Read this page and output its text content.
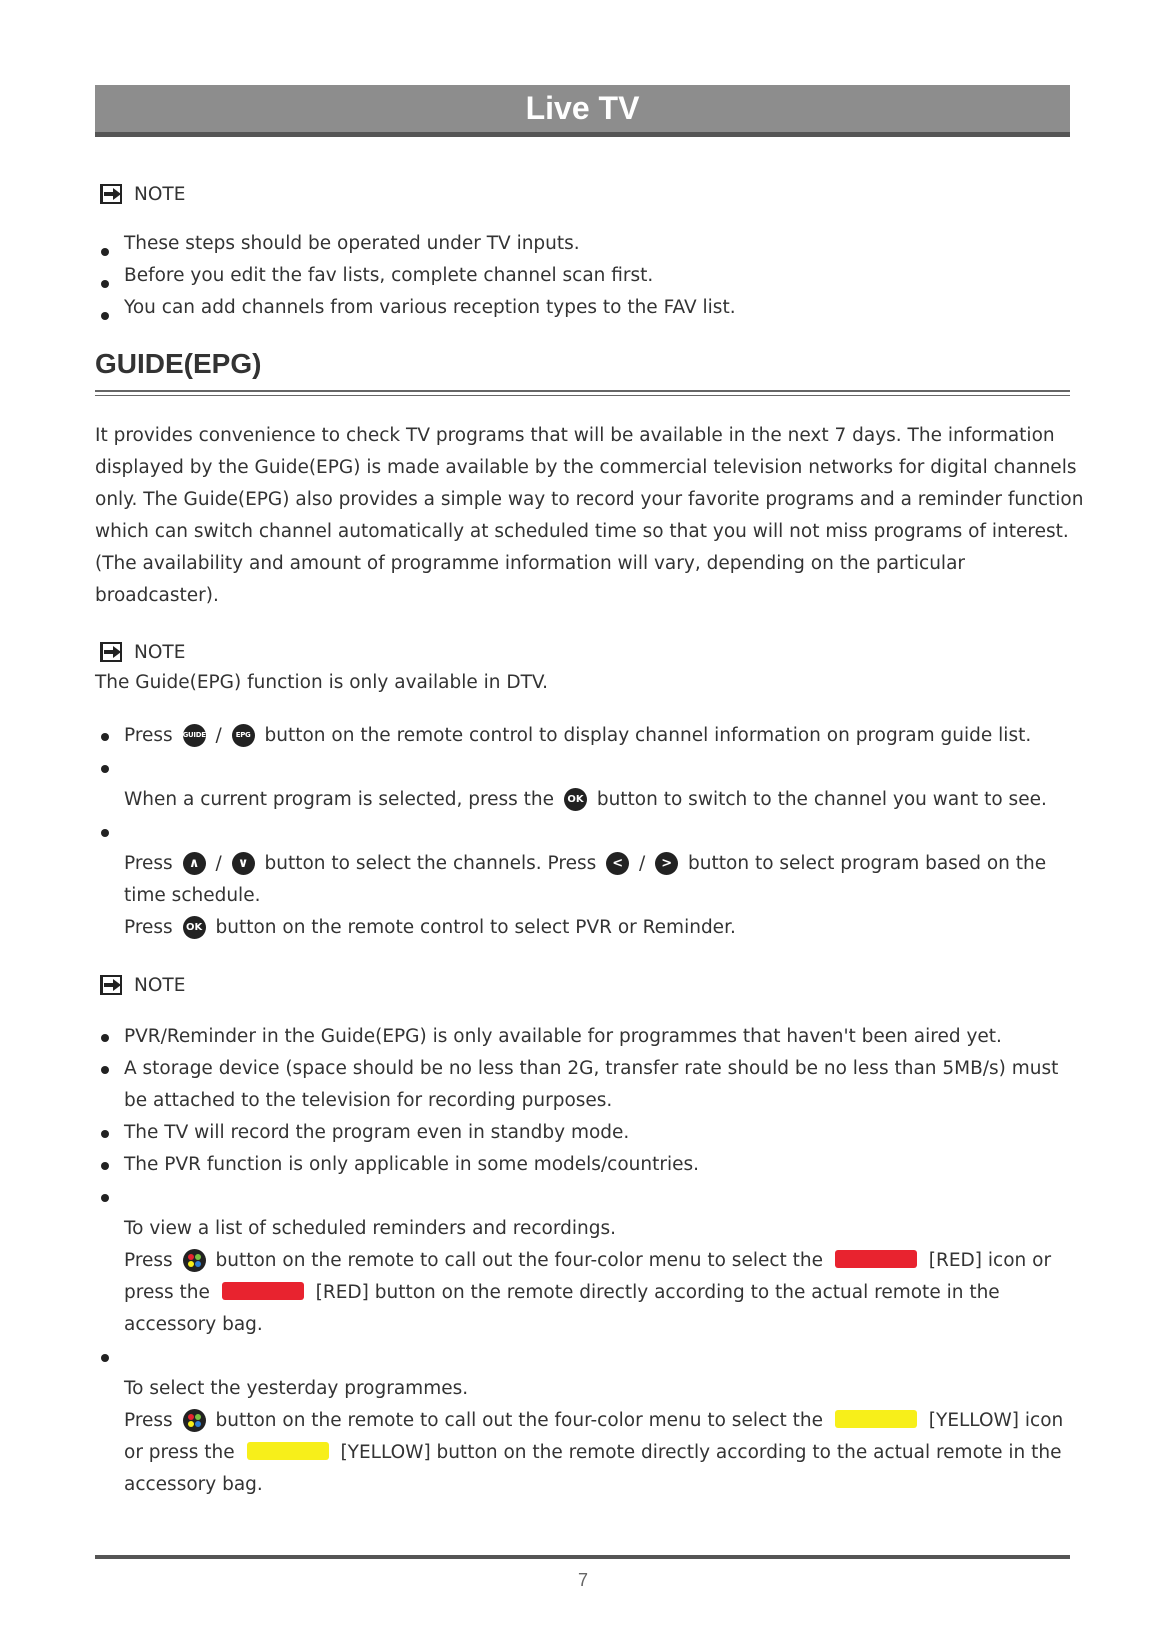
Live TV
NOTE
These steps should be operated under TV inputs.
Before you edit the fav lists, complete channel scan first.
You can add channels from various reception types to the FAV list.
GUIDE(EPG)
It provides convenience to check TV programs that will be available in the next 7 days. The information
displayed by the Guide(EPG) is made available by the commercial television networks for digital channels
only. The Guide(EPG) also provides a simple way to record your favorite programs and a reminder function
which can switch channel automatically at scheduled time so that you will not miss programs of interest.
(The availability and amount of programme information will vary, depending on the particular
broadcaster).
NOTE
The Guide(EPG) function is only available in DTV.
Press GUIDE / EPG button on the remote control to display channel information on program guide list.
When a current program is selected, press the OK button to switch to the channel you want to see.
Press ∧ / ∨ button to select the channels. Press < / > button to select program based on the
time schedule.
Press OK button on the remote control to select PVR or Reminder.
NOTE
PVR/Reminder in the Guide(EPG) is only available for programmes that haven't been aired yet.
A storage device (space should be no less than 2G, transfer rate should be no less than 5MB/s) must
be attached to the television for recording purposes.
The TV will record the program even in standby mode.
The PVR function is only applicable in some models/countries.
To view a list of scheduled reminders and recordings.
Press button on the remote to call out the four-color menu to select the	[RED] icon or
press the	[RED] button on the remote directly according to the actual remote in the
accessory bag.
To select the yesterday programmes.
Press button on the remote to call out the four-color menu to select the	[YELLOW] icon
or press the	[YELLOW] button on the remote directly according to the actual remote in the
accessory bag.
7
